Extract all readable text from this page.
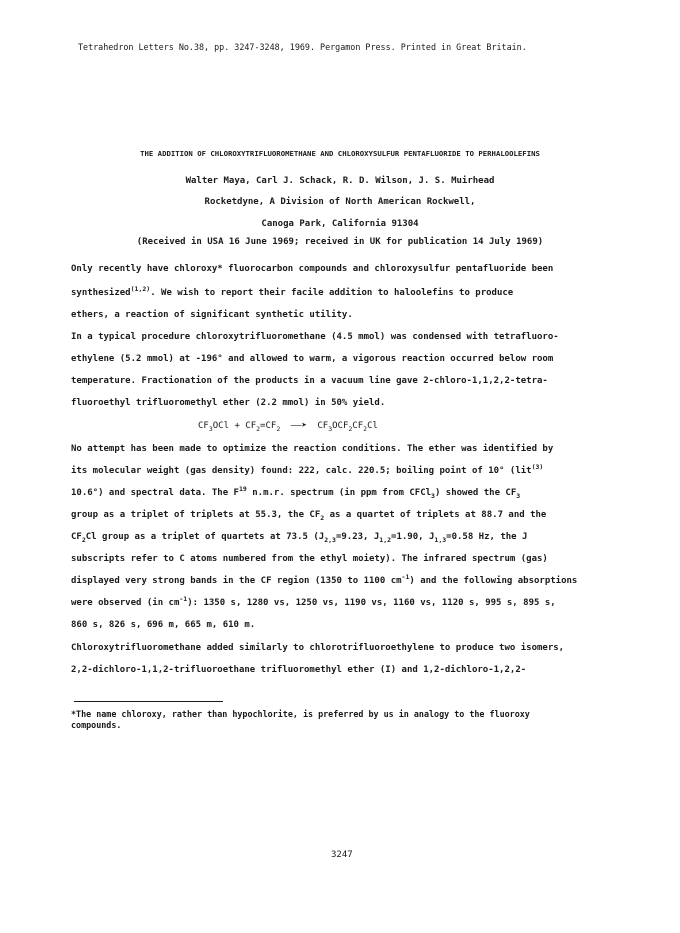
Tetrahedron Letters No.38, pp. 3247-3248, 1969. Pergamon Press. Printed in Great Britain.
THE ADDITION OF CHLOROXYTRIFLUOROMETHANE AND CHLOROXYSULFUR PENTAFLUORIDE TO PERHALOOLEFINS
Walter Maya, Carl J. Schack, R. D. Wilson, J. S. Muirhead
Rocketdyne, A Division of North American Rockwell,
Canoga Park, California 91304
(Received in USA 16 June 1969; received in UK for publication 14 July 1969)
Only recently have chloroxy* fluorocarbon compounds and chloroxysulfur pentafluoride been
synthesized$^{(1,2)}$. We wish to report their facile addition to haloolefins to produce
ethers, a reaction of significant synthetic utility.
In a typical procedure chloroxytrifluoromethane (4.5 mmol) was condensed with tetrafluoro-
ethylene (5.2 mmol) at -196° and allowed to warm, a vigorous reaction occurred below room
temperature. Fractionation of the products in a vacuum line gave 2-chloro-1,1,2,2-tetra-
fluoroethyl trifluoromethyl ether (2.2 mmol) in 50% yield.
$CF_3OCl + CF_2=CF_2$ ——➤ $CF_3OCF_2CF_2Cl$
No attempt has been made to optimize the reaction conditions. The ether was identified by
its molecular weight (gas density) found: 222, calc. 220.5; boiling point of 10° (lit$^{(3)}$
10.6°) and spectral data. The $F^{19}$ n.m.r. spectrum (in ppm from CFCl$_3$) showed the $CF_3$
group as a triplet of triplets at 55.3, the $CF_2$ as a quartet of triplets at 88.7 and the
$CF_2Cl$ group as a triplet of quartets at 73.5 ($J_{2,3}=9.23$, $J_{1,2}=1.90$, $J_{1,3}=0.58$ Hz, the J
subscripts refer to C atoms numbered from the ethyl moiety). The infrared spectrum (gas)
displayed very strong bands in the CF region (1350 to 1100 $cm^{-1}$) and the following absorptions
were observed (in $cm^{-1}$): 1350 s, 1280 vs, 1250 vs, 1190 vs, 1160 vs, 1120 s, 995 s, 895 s,
860 s, 826 s, 696 m, 665 m, 610 m.
Chloroxytrifluoromethane added similarly to chlorotrifluoroethylene to produce two isomers,
2,2-dichloro-1,1,2-trifluoroethane trifluoromethyl ether (I) and 1,2-dichloro-1,2,2-
*The name chloroxy, rather than hypochlorite, is preferred by us in analogy to the fluoroxy
compounds.
3247
